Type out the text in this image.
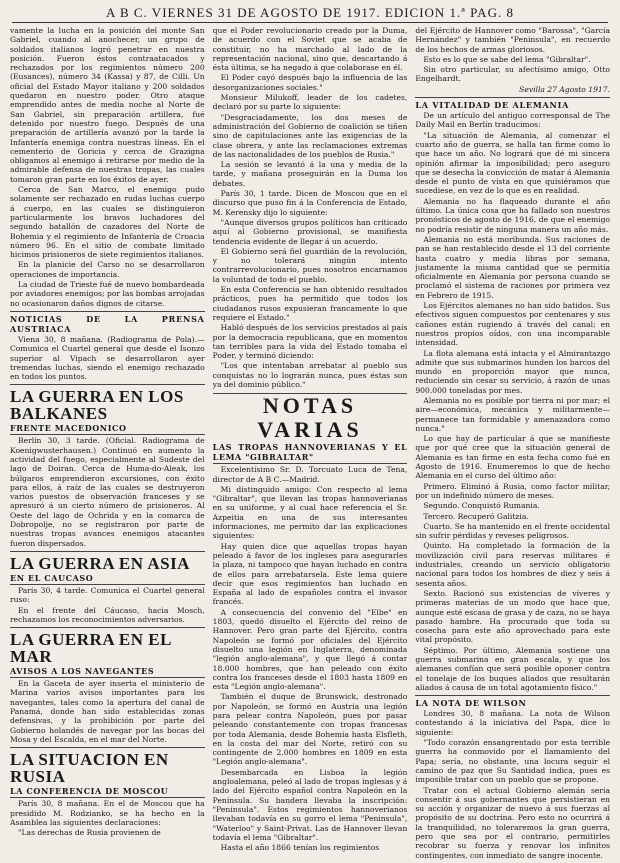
A B C. VIERNES 31 DE AGOSTO DE 1917. EDICION 1.ª PAG. 8

vamente la lucha en la posición del monte San Gabriel, cuando al anochecer, un grupo de soldados italianos logró penetrar en nuestra posición. Fueron éstos contraatacados y rechazados por los regimientos número 200 (Eusances), número 34 (Kassa) y 87, de Cilli. Un oficial del Estado Mayor italiano y 200 soldados quedaron en nuestro poder. Otro ataque emprendido antes de media noche al Norte de San Gabriel, sin preparación artillera, fué detenido por nuestro fuego. Después de una preparación de artillería avanzó por la tarde la Infantería enemiga contra nuestras líneas. En el cementerio de Goricia y cerca de Grazigna obligamos al enemigo á retirarse por medio de la admirable defensa de nuestras tropas, las cuales tomaron gran parte en los éxitos de ayer.

Cerca de San Marco, el enemigo pudo solamente ser rechazado en rudas luchas cuerpo á cuerpo, en las cuales se distinguieron particularmente los bravos luchadores del segundo batallón de cazadores del Norte de Bohemia y el regimiento de Infantería de Croacia número 96. En el sitio de combate limitado hicimos prisioneros de siete regimientos italianos.

En la planicie del Carso no se desarrollaron operaciones de importancia.

La ciudad de Trieste fué de nuevo bombardeada por aviadores enemigos; por las bombas arrojadas no ocasionaron daños dignos de citarse.

NOTICIAS DE LA PRENSA AUSTRIACA

Viena 30, 8 mañana. (Radiograma de Pola).—Comunica el Cuartel general que desde el Isonzo superior al Vipach se desarrollaron ayer tremendas luchas, siendo el enemigo rechazado en todos los puntos.

LA GUERRA EN LOS BALKANES
FRENTE MACEDONICO

Berlín 30, 3 tarde. (Oficial. Radiograma de Koenigwusterhausen.) Continuó en aumento la actividad del fuego, especialmente al Sudeste del lago de Doiran. Cerca de Huma-do-Aleak, los búlgaros emprendieron excursiones, con éxito para ellos, á raíz de las cuales se destruyeron varios puestos de observación franceses y se apresuró á un cierto número de prisioneros. Al Oeste del lago de Ochrida y en la comarca de Dobropolje, no se registraron por parte de nuestras tropas avances enemigos atacantes fueron dispersados.

LA GUERRA EN ASIA
EN EL CAUCASO

París 30, 4 tarde. Comunica el Cuartel general ruso:

En el frente del Cáucaso, hacia Mosch, rechazamos los reconocimientos adversarios.

LA GUERRA EN EL MAR
AVISOS A LOS NAVEGANTES

En la Gaceta de ayer inserta el ministerio de Marina varios avisos importantes para los navegantes, tales como la apertura del canal de Panamá, donde han sido establecidas zonas defensivas, y la prohibición por parte del Gobierno holandés de navegar por las bocas del Mosa y del Escalda, en el mar del Norte.

LA SITUACION EN RUSIA
LA CONFERENCIA DE MOSCOU

París 30, 8 mañana. En el de Moscou que ha presidido M. Rodzianko, se ha hecho en la Asamblea las siguientes declaraciones:

"Las derechas de Rusia provienen de

que el Poder revolucionario creado por la Duma, de acuerdo con el Soviet que se acaba de constituir, no ha marchado al lado de la representación nacional, sino que, descartando á ésta última, se ha negado á que colaborase en él.

El Poder cayó después bajo la influencia de las desorganizaciones sociales."

Monsieur Milukoff, leader de los cadetes, declaró por su parte lo siguiente:

"Desgraciadamente, los dos meses de administración del Gobierno de coalición se tiñen sino de capitulaciones ante las exigencias de la clase obrera, y ante las reclamaciones extremas de las nacionalidades de los pueblos de Rusia."

La sesión se levantó á la una y media de la tarde, y mañana proseguirán en la Duma los debates.

París 30, 1 tarde. Dicen de Moscou que en el discurso que puso fin á la Conferencia de Estado, M. Kerensky dijo lo siguiente:

"Aunque diversos grupos políticos han criticado aquí al Gobierno provisional, se manifiesta tendencia evidente de llegar á un acuerdo.

El Gobierno será fiel guardián de la revolución, y no tolerará ningún intento contrarrevolucionario, pues nosotros encarnamos la voluntad de todo el pueblo.

En esta Conferencia se han obtenido resultados prácticos, pues ha permitido que todos los ciudadanos rusos expusieran francamente lo que requiere el Estado."

Habló después de los servicios prestados al país por la democracia republicana, que en momentos tan terribles para la vida del Estado tomaba el Poder, y terminó diciendo:

"Los que intentaban arrebatar al pueblo sus conquistas no lo lograrán nunca, pues éstas son ya del dominio público."

NOTAS VARIAS
LAS TROPAS HANNOVERIANAS Y EL LEMA "GIBRALTAR"

Excelentísimo Sr. D. Torcuato Luca de Tena, director de A B C.—Madrid.

Mi distinguido amigo: Con respecto al lema "Gibraltar", que llevan las tropas hannoverianas en su uniforme, y al cual hace referencia el Sr. Azpeitia en una de sus interesantes informaciones, me permito dar las explicaciones siguientes:

Hay quien dice que aquellas tropas hayan peleado á favor de los ingleses para asegurarles la plaza, ni tampoco que hayan luchado en contra de ellos para arrebatarsela. Este lema quiere decir que esos regimientos han luchado en España al lado de españoles contra el invasor francés.

A consecuencia del convenio del "Elbe" en 1803, quedó disuelto el Ejército del reino de Hannover. Pero gran parte del Ejército, contra Napoleón se formó por oficiales del Ejército disuelto una legión en Inglaterra, denominada "legión anglo-alemana", y que llegó á contar 18.000 hombres, que han peleado con éxito contra los franceses desde el 1803 hasta 1809 en esta "Legión anglo-alemana".

También el duque de Brunswick, destronado por Napoleón, se formó en Austria una legión para pelear contra Napoleón, pues por pasar peleando constantemente con tropas francesas por toda Alemania, desde Bohemia hasta Elsfleth, en la costa del mar del Norte, retiró con su contingente de 2.000 hombres en 1809 en esta "Legión anglo-alemana".

Desembarcada en Lisboa la legión angloalemana, peleó al lado de tropas inglesas y á lado del Ejército español contra Napoleón en la Península. Su bandera llevaba la inscripción: "Peninsula". Estos regimientos hannoverianos llevaban todavía en su gorro el lema "Peninsula", "Waterloo" y Saint-Privat. Las de Hannover llevan todavía el lema "Gibraltar".

Hasta el año 1866 tenían los regimientos

del Ejército de Hannover como "Barossa", "García Hernández" y también "Peninsula", en recuerdo de los hechos de armas gloriosos.

Esto es lo que se sabe del lema "Gibraltar".

Sin otro particular, su afectísimo amigo, Otto Engelhardt.

Sevilla 27 Agosto 1917.

LA VITALIDAD DE ALEMANIA

De un artículo del antiguo corresponsal de The Daily Mail en Berlín traducimos:

"La situación de Alemania, al comenzar el cuarto año de guerra, se halla tan firme como lo que hace un año. No logrará que dé mi sincera opinión afirmar la imposibilidad; pero aseguro que se desecha la convicción de matar á Alemania desde el punto de vista en que quisiéramos que sucediese, en vez de lo que es en realidad.

Alemania no ha flaqueado durante el año último. La única cosa que ha fallado son nuestros pronósticos de agosto de 1916, de que el enemigo no podría resistir de ninguna manera un año más.

Alemania no está moribunda. Sus raciones de pan se han restablecido desde el 13 del corriente hasta cuatro y media libras por semana, justamente la misma cantidad que se permitía oficialmente en Alemania por persona cuando se proclamó el sistema de raciones por primera vez en Febrero de 1915.

Los Ejércitos alemanes no han sido batidos. Sus efectivos siguen compuestos por centenares y sus cañones están rugiendo á través del canal; en nuestros propios oídos, con una incomparable intensidad.

La flota alemana está intacta y el Almirantazgo admite que sus submarinos hunden los barcos del mundo en proporción mayor que nunca, reduciendo sin cesar su servicio, á razón de unas 900.000 toneladas por mes.

Alemania no es posible por tierra ni por mar; el aire—económica, mecánica y militarmente—permanece tan formidable y amenazadora como nunca."

Lo que hay de particular á que se manifieste que por qué cree que la situación general de Alemania es tan firme en esta fecha como fué en Agosto de 1916. Enumeremos lo que de hecho Alemania en el curso del último año:

Primero. Eliminó á Rusia, como factor militar, por un indefinido número de meses.

Segundo. Conquistó Rumania.

Tercero. Recuperó Galitzia.

Cuarto. Se ha mantenido en el frente occidental sin sufrir pérdidas y reveses peligrosos.

Quinto. Ha completado la formación de la movilización civil para reservas militares é industriales, creando un servicio obligatorio nacional para todos los hombres de diez y seis á sesenta años.

Sexto. Racionó sus existencias de víveres y primeras materias de un modo que hace que, aunque esté escasa de grasa y de caza, no se haya pasado hambre. Ha procurado que toda su cosecha para este año aprovechado para este vital propósito.

Séptimo. Por último, Alemania sostiene una guerra submarina en gran escala, y que los alemanes confían que será posible oponer contra el tonelaje de los buques aliados que resultarán aliados á causa de un total agotamiento físico."

LA NOTA DE WILSON

Londres 30, 8 mañana. La nota de Wilson contestando á la iniciativa del Papa, dice lo siguiente:

"Todo corazón ensangrentado por esta terrible guerra ha conmovido por el llamamiento del Papa; sería, no obstante, una locura seguir el camino de paz que Su Santidad indica, pues es imposible tratar con un pueblo que se propone.

Tratar con el actual Gobierno alemán sería consentir á sus gobernantes que persistieran en su acción y organizar de nuevo á sus fuerzas al propósito de su doctrina. Pero esto no ocurrirá á la tranquilidad, no toleraremos la gran guerra, pero que sea por el contrario, permitirles recobrar su fuerza y renovar los infinitos contingentes, con inmediato de sangre inocente.
